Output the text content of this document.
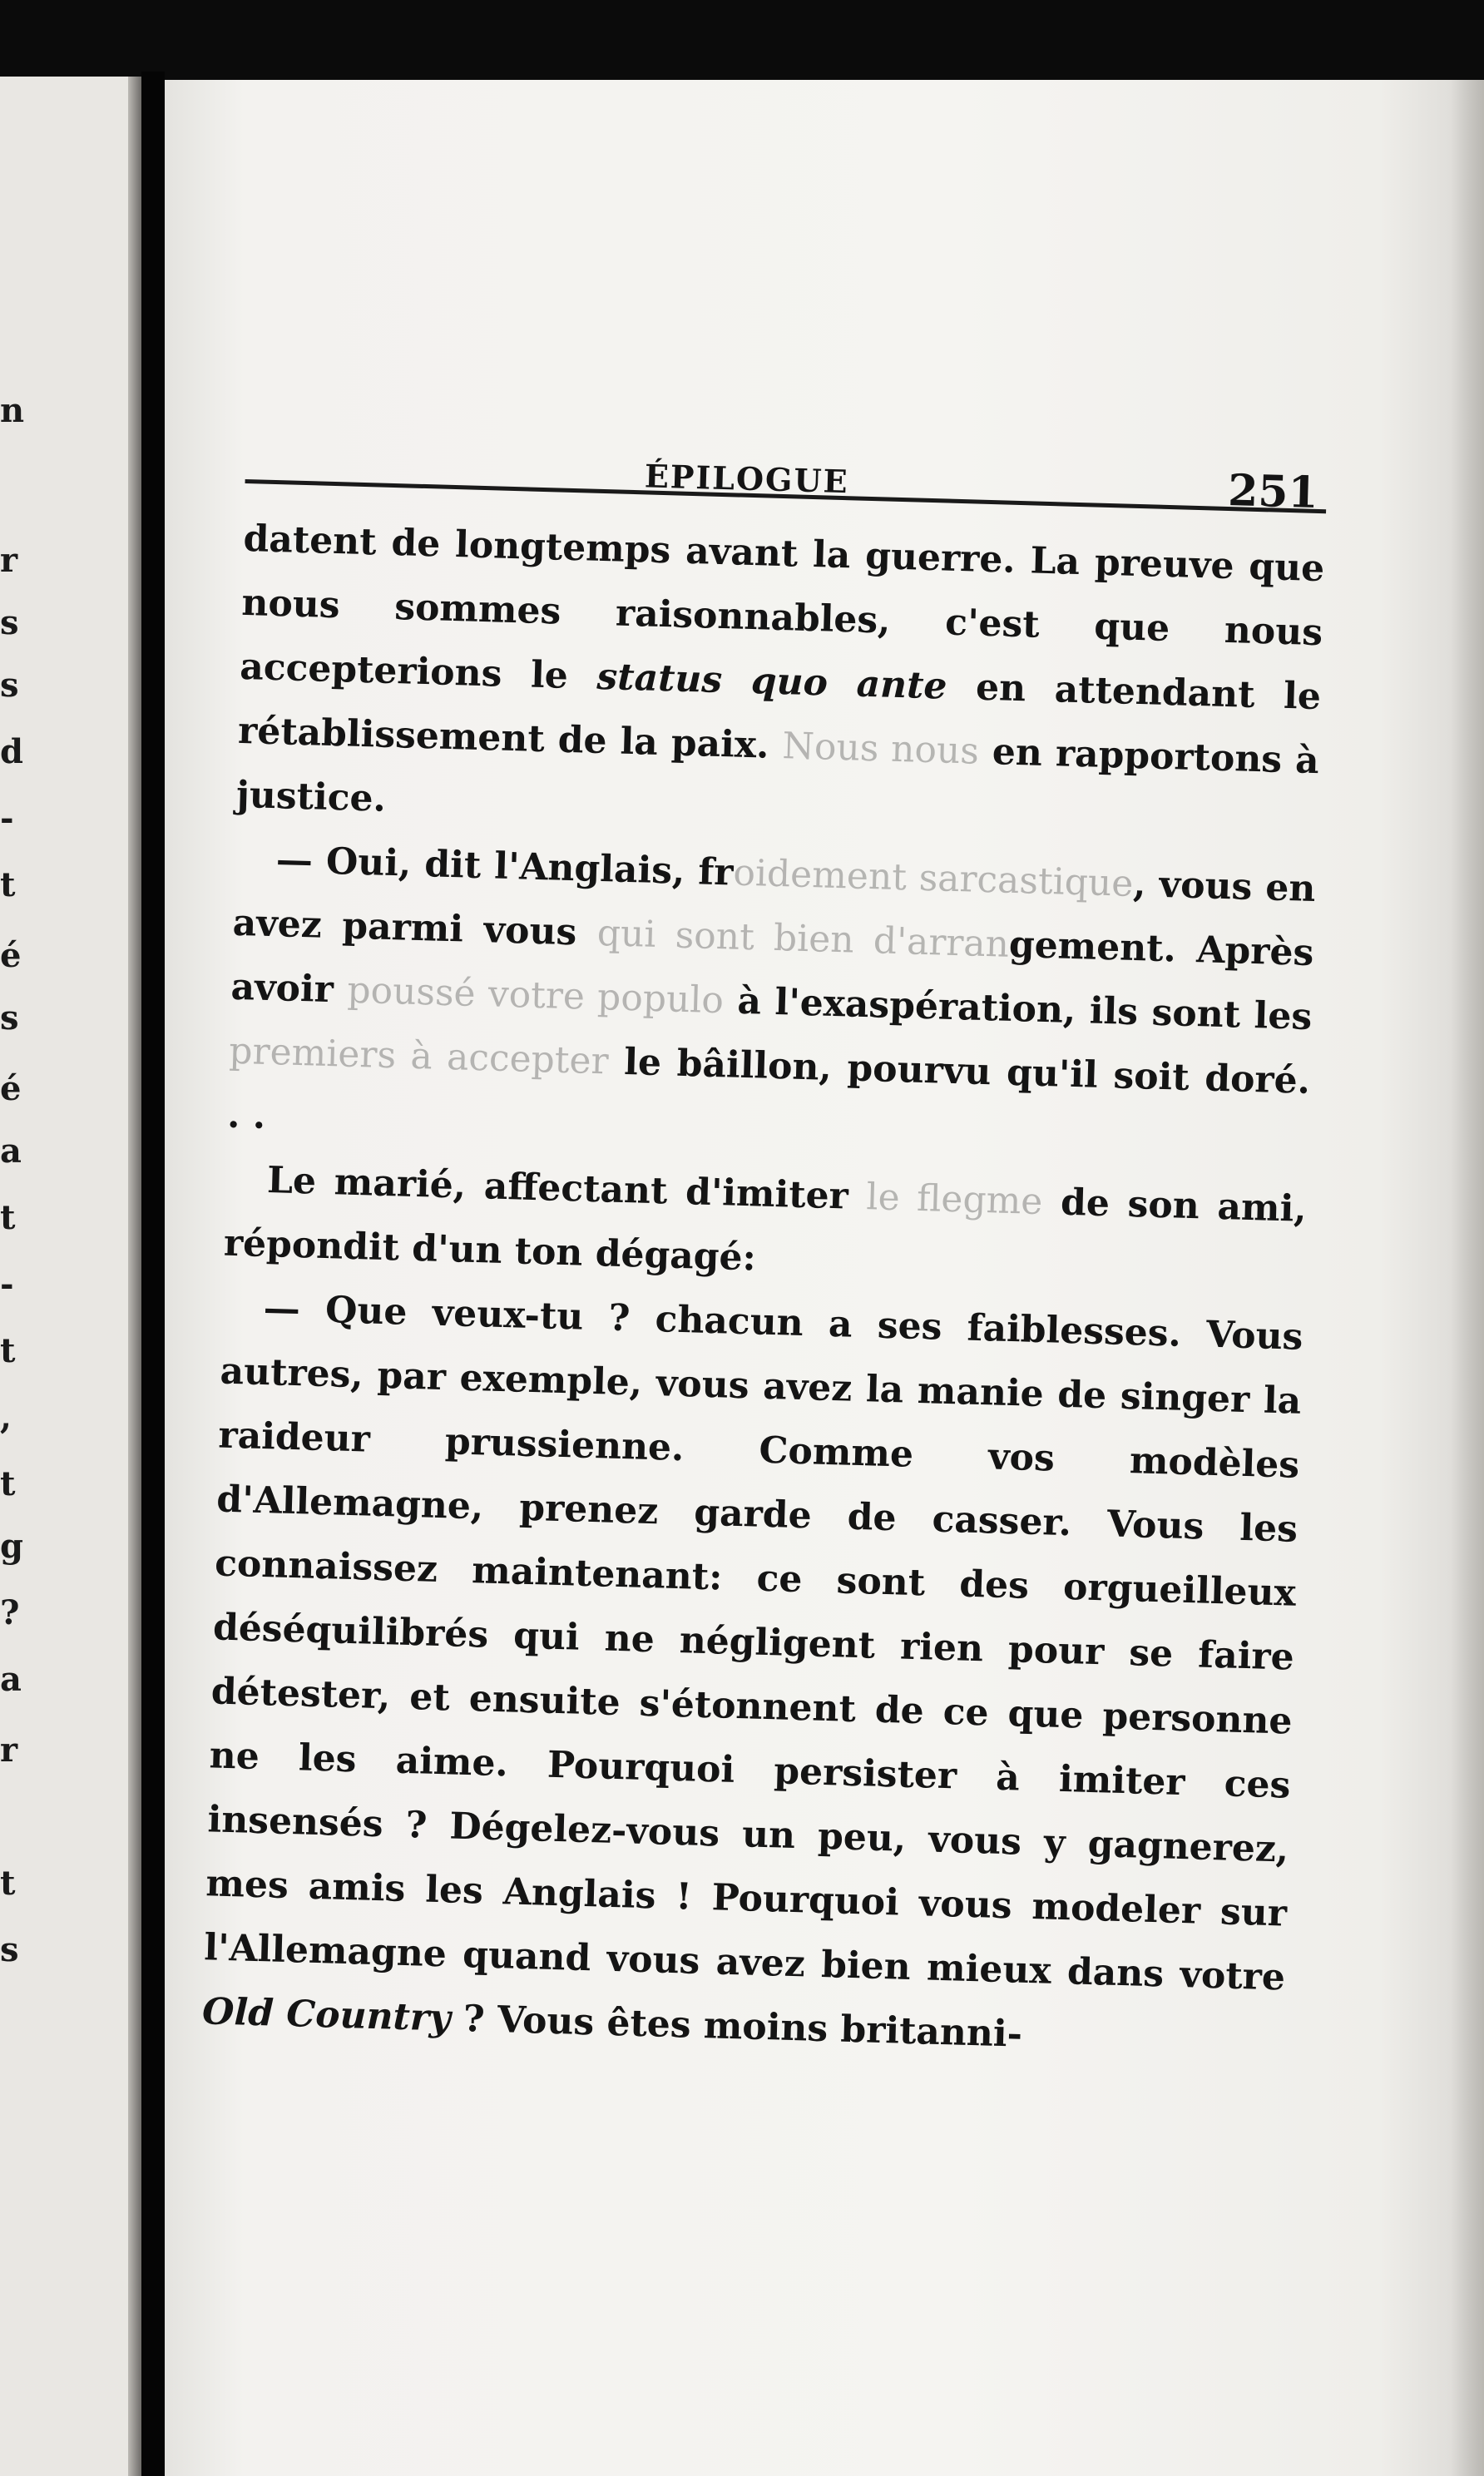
n
r
s
s
d
-
t
é
s
é
a
t
-
t
,
t
g
?
a
r
t
s
ÉPILOGUE	251

datent de longtemps avant la guerre. La preuve que nous sommes raisonnables, c'est que nous accepterions le status quo ante en attendant le rétablissement de la paix. Nous nous en rapportons à justice.

— Oui, dit l'Anglais, froidement sarcastique, vous en avez parmi vous qui sont bien d'arrangement. Après avoir poussé votre populo à l'exaspération, ils sont les premiers à accepter le bâillon, pourvu qu'il soit doré. . .

Le marié, affectant d'imiter le flegme de son ami, répondit d'un ton dégagé:

— Que veux-tu ? chacun a ses faiblesses. Vous autres, par exemple, vous avez la manie de singer la raideur prussienne. Comme vos modèles d'Allemagne, prenez garde de casser. Vous les connaissez maintenant: ce sont des orgueilleux déséquilibrés qui ne négligent rien pour se faire détester, et ensuite s'étonnent de ce que personne ne les aime. Pourquoi persister à imiter ces insensés ? Dégelez-vous un peu, vous y gagnerez, mes amis les Anglais ! Pourquoi vous modeler sur l'Allemagne quand vous avez bien mieux dans votre Old Country ? Vous êtes moins britanni-
